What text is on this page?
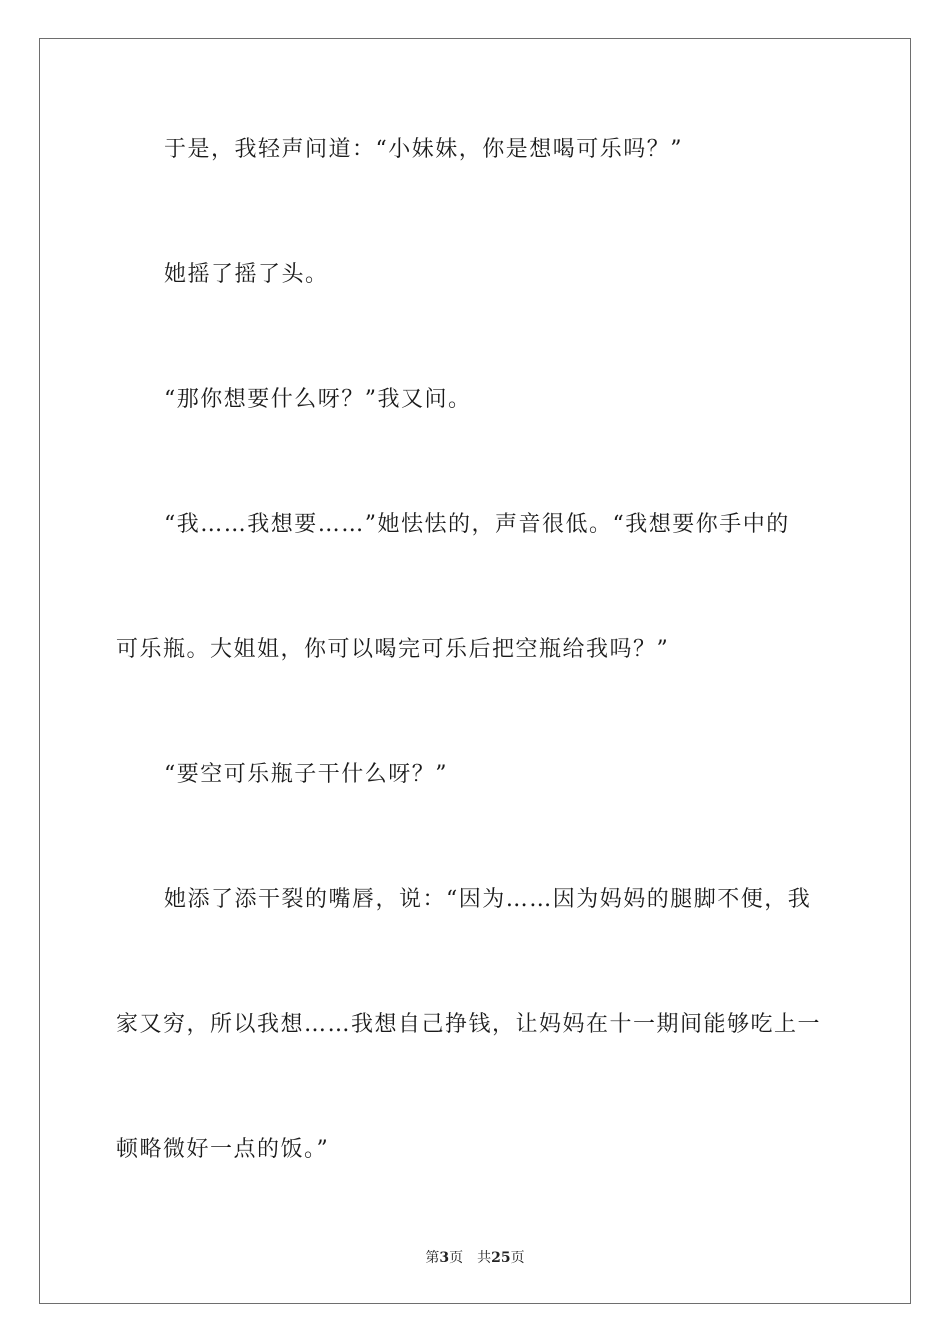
于是，我轻声问道：“小妹妹，你是想喝可乐吗？”

她摇了摇了头。

“那你想要什么呀？”我又问。

“我……我想要……”她怯怯的，声音很低。“我想要你手中的

可乐瓶。大姐姐，你可以喝完可乐后把空瓶给我吗？”

“要空可乐瓶子干什么呀？”

她添了添干裂的嘴唇，说：“因为……因为妈妈的腿脚不便，我

家又穷，所以我想……我想自己挣钱，让妈妈在十一期间能够吃上一

顿略微好一点的饭。”

第3页 共25页
